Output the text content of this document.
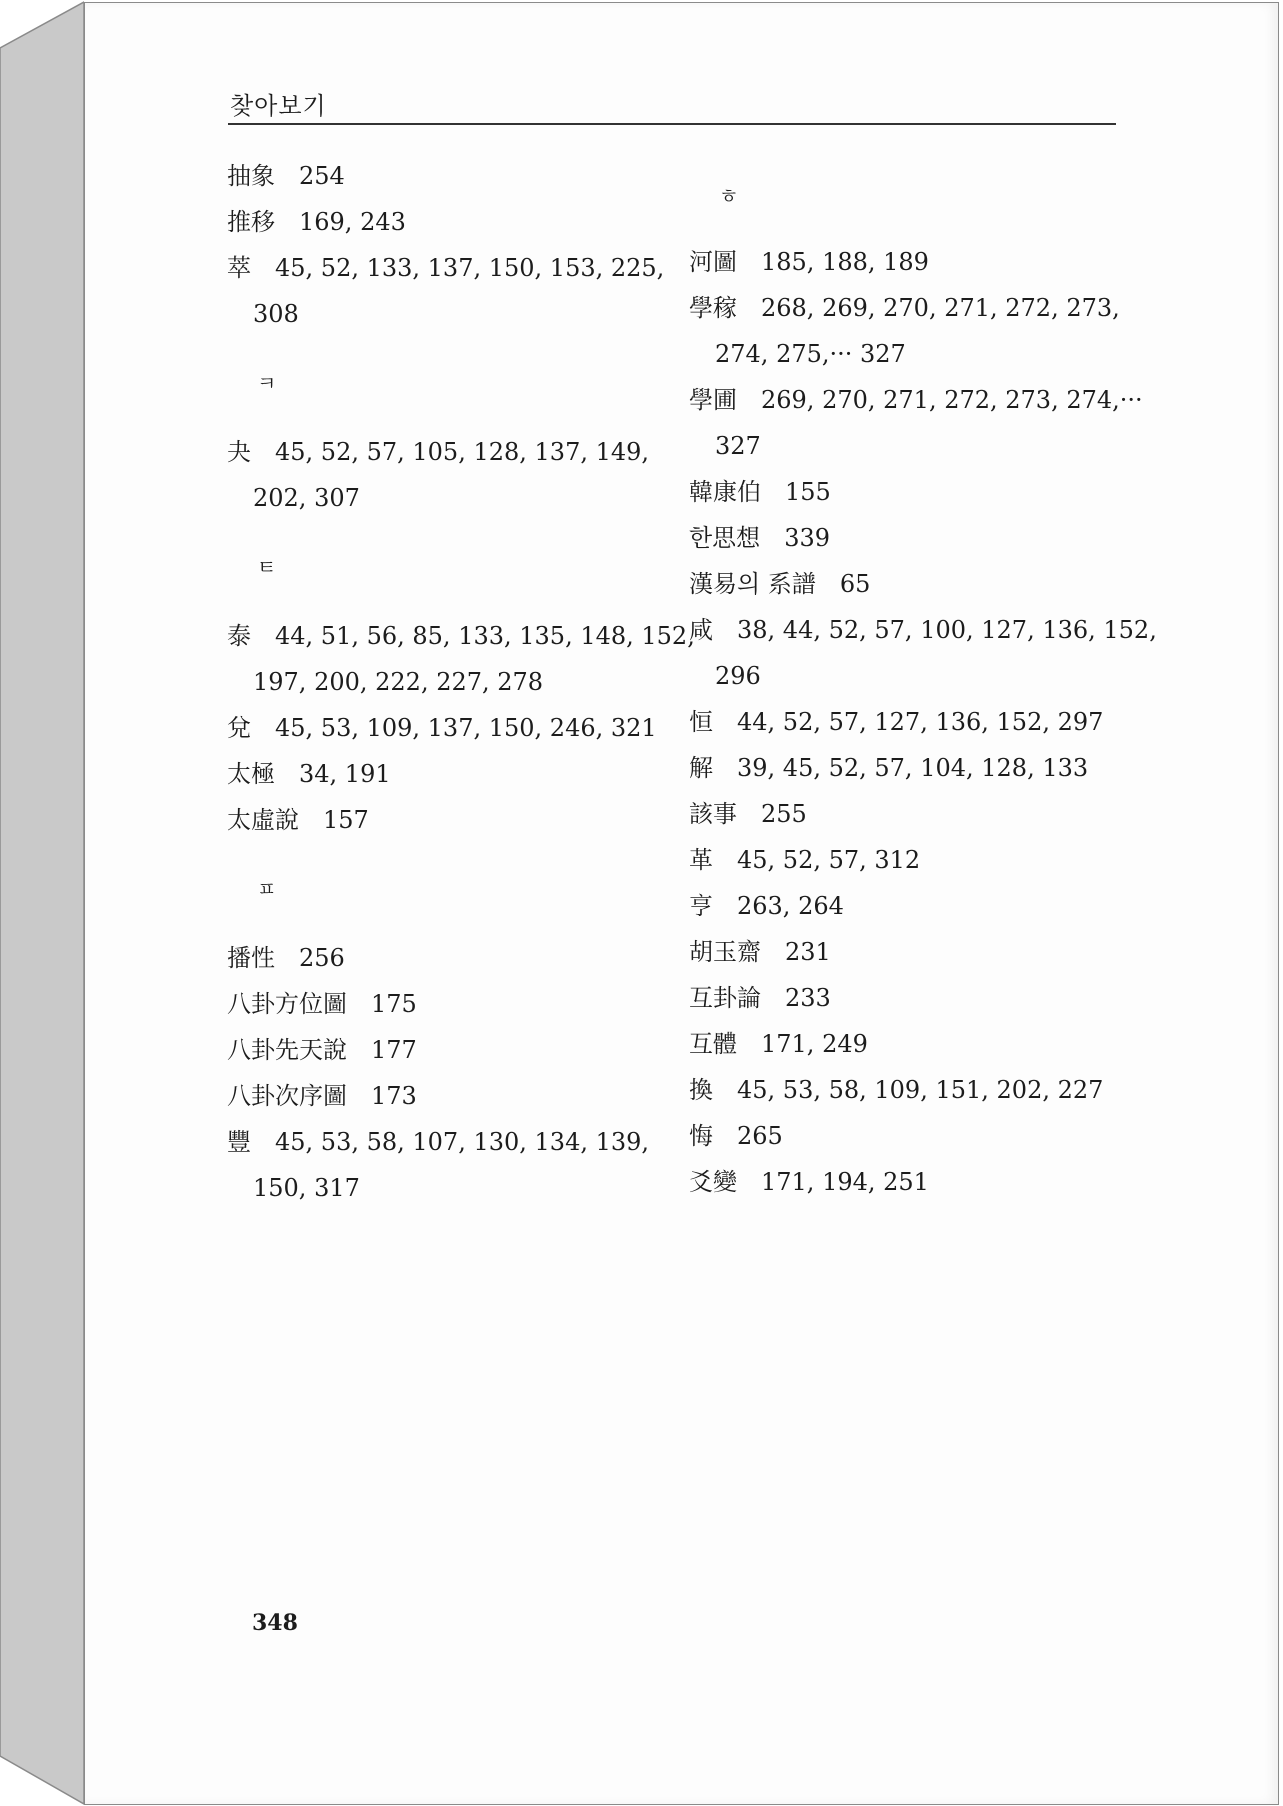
찾아보기
抽象 254
推移 169, 243
萃 45, 52, 133, 137, 150, 153, 225,
308
ㅋ
夬 45, 52, 57, 105, 128, 137, 149,
202, 307
ㅌ
泰 44, 51, 56, 85, 133, 135, 148, 152,
197, 200, 222, 227, 278
兌 45, 53, 109, 137, 150, 246, 321
太極 34, 191
太虛說 157
ㅍ
播性 256
八卦方位圖 175
八卦先天說 177
八卦次序圖 173
豐 45, 53, 58, 107, 130, 134, 139,
150, 317
ㅎ
河圖 185, 188, 189
學稼 268, 269, 270, 271, 272, 273,
274, 275,··· 327
學圃 269, 270, 271, 272, 273, 274,···
327
韓康伯 155
한思想 339
漢易의 系譜 65
咸 38, 44, 52, 57, 100, 127, 136, 152,
296
恒 44, 52, 57, 127, 136, 152, 297
解 39, 45, 52, 57, 104, 128, 133
該事 255
革 45, 52, 57, 312
亨 263, 264
胡玉齋 231
互卦論 233
互體 171, 249
換 45, 53, 58, 109, 151, 202, 227
悔 265
爻變 171, 194, 251
348
